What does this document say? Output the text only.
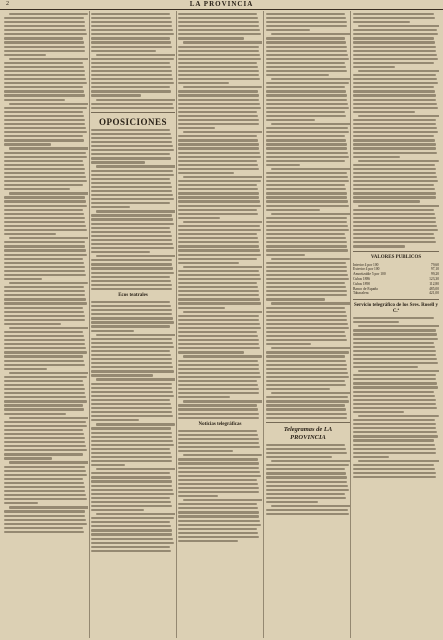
2	LA PROVINCIA
OPOSICIONES
Ecos teatrales
Noticias telegráficas
Telegramas de LA PROVINCIA
VALORES PUBLICOS
Interior 4 por 100	79,60
Exterior 4 por 100	97,10
Amortizable 5 por 100	99,20
Cubas 1886	123,30
Cubas 1890	112,80
Banco de España	485,00
Tabacalera	421,00
Servicio telegráfico de los Sres. Rosell y C.ª
